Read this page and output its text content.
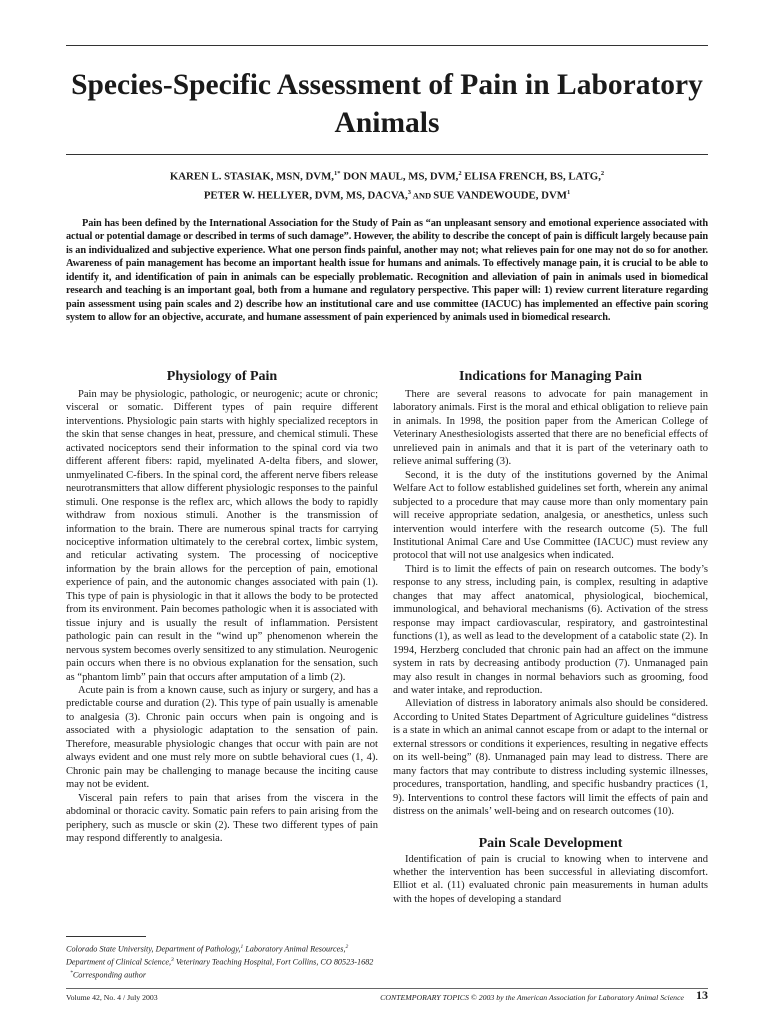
Species-Specific Assessment of Pain in Laboratory Animals
KAREN L. STASIAK, MSN, DVM,$^{1*}$ DON MAUL, MS, DVM,$^2$ ELISA FRENCH, BS, LATG,$^2$
PETER W. HELLYER, DVM, MS, DACVA,$^3$ AND SUE VANDEWOUDE, DVM$^1$

Pain has been defined by the International Association for the Study of Pain as “an unpleasant sensory and emotional experience associated with actual or potential damage or described in terms of such damage”. However, the ability to describe the concept of pain is difficult largely because pain is an individualized and subjective experience. What one person finds painful, another may not; what relieves pain for one may not do so for another. Awareness of pain management has become an important health issue for humans and animals. To effectively manage pain, it is crucial to be able to identify it, and identification of pain in animals can be especially problematic. Recognition and alleviation of pain in animals used in biomedical research and teaching is an important goal, both from a humane and regulatory perspective. This paper will: 1) review current literature regarding pain assessment using pain scales and 2) describe how an institutional care and use committee (IACUC) has implemented an effective pain scoring system to allow for an objective, accurate, and humane assessment of pain experienced by animals used in biomedical research.

Physiology of Pain

Pain may be physiologic, pathologic, or neurogenic; acute or chronic; visceral or somatic. Different types of pain require different interventions. Physiologic pain starts with highly specialized receptors in the skin that sense changes in heat, pressure, and chemical stimuli. These activated nociceptors send their information to the spinal cord via two different afferent fibers: rapid, myelinated A-delta fibers, and slower, unmyelinated C-fibers. In the spinal cord, the afferent nerve fibers release neurotransmitters that allow different physiologic responses to the painful stimuli. One response is the reflex arc, which allows the body to rapidly withdraw from noxious stimuli. Another is the transmission of information to the brain. There are numerous spinal tracts for carrying nociceptive information ultimately to the cerebral cortex, limbic system, and reticular activating system. The processing of nociceptive information by the brain allows for the perception of pain, emotional experience of pain, and the autonomic changes associated with pain (1). This type of pain is physiologic in that it allows the body to be protected from its environment. Pain becomes pathologic when it is associated with tissue injury and is usually the result of inflammation. Persistent pathologic pain can result in the “wind up” phenomenon wherein the nervous system becomes overly sensitized to any stimulation. Neurogenic pain occurs when there is no obvious explanation for the sensation, such as “phantom limb” pain that occurs after amputation of a limb (2).

Acute pain is from a known cause, such as injury or surgery, and has a predictable course and duration (2). This type of pain usually is amenable to analgesia (3). Chronic pain occurs when pain is ongoing and is associated with a physiologic adaptation to the sensation of pain. Therefore, measurable physiologic changes that occur with pain are not always evident and one must rely more on subtle behavioral cues (1, 4). Chronic pain may be challenging to manage because the inciting cause may not be evident.

Visceral pain refers to pain that arises from the viscera in the abdominal or thoracic cavity. Somatic pain refers to pain arising from the periphery, such as muscle or skin (2). These two different types of pain may respond differently to analgesia.

Indications for Managing Pain

There are several reasons to advocate for pain management in laboratory animals. First is the moral and ethical obligation to relieve pain in animals. In 1998, the position paper from the American College of Veterinary Anesthesiologists asserted that there are no beneficial effects of unrelieved pain in animals and that it is part of the veterinary oath to relieve animal suffering (3).

Second, it is the duty of the institutions governed by the Animal Welfare Act to follow established guidelines set forth, wherein any animal subjected to a procedure that may cause more than only momentary pain will receive appropriate sedation, analgesia, or anesthetics, unless such intervention would interfere with the research outcome (5). The full Institutional Animal Care and Use Committee (IACUC) must review any protocol that will not use analgesics when indicated.

Third is to limit the effects of pain on research outcomes. The body’s response to any stress, including pain, is complex, resulting in adaptive changes that may affect anatomical, physiological, biochemical, immunological, and behavioral mechanisms (6). Activation of the stress response may impact cardiovascular, respiratory, and gastrointestinal functions (1), as well as lead to the development of a catabolic state (2). In 1994, Herzberg concluded that chronic pain had an affect on the immune system in rats by decreasing antibody production (7). Unmanaged pain may also result in changes in normal behaviors such as grooming, food and water intake, and reproduction.

Alleviation of distress in laboratory animals also should be considered. According to United States Department of Agriculture guidelines “distress is a state in which an animal cannot escape from or adapt to the internal or external stressors or conditions it experiences, resulting in negative effects on its well-being” (8). Unmanaged pain may lead to distress. There are many factors that may contribute to distress including systemic illnesses, procedures, transportation, handling, and specific husbandry practices (1, 9). Interventions to control these factors will limit the effects of pain and distress on the animals’ well-being and on research outcomes (10).

Pain Scale Development

Identification of pain is crucial to knowing when to intervene and whether the intervention has been successful in alleviating discomfort. Elliot et al. (11) evaluated chronic pain measurements in human adults with the hopes of developing a standard

Colorado State University, Department of Pathology,$^1$ Laboratory Animal Resources,$^2$ Department of Clinical Science,$^3$ Veterinary Teaching Hospital, Fort Collins, CO 80523-1682
*Corresponding author
Volume 42, No. 4 / July 2003	CONTEMPORARY TOPICS © 2003 by the American Association for Laboratory Animal Science 13
